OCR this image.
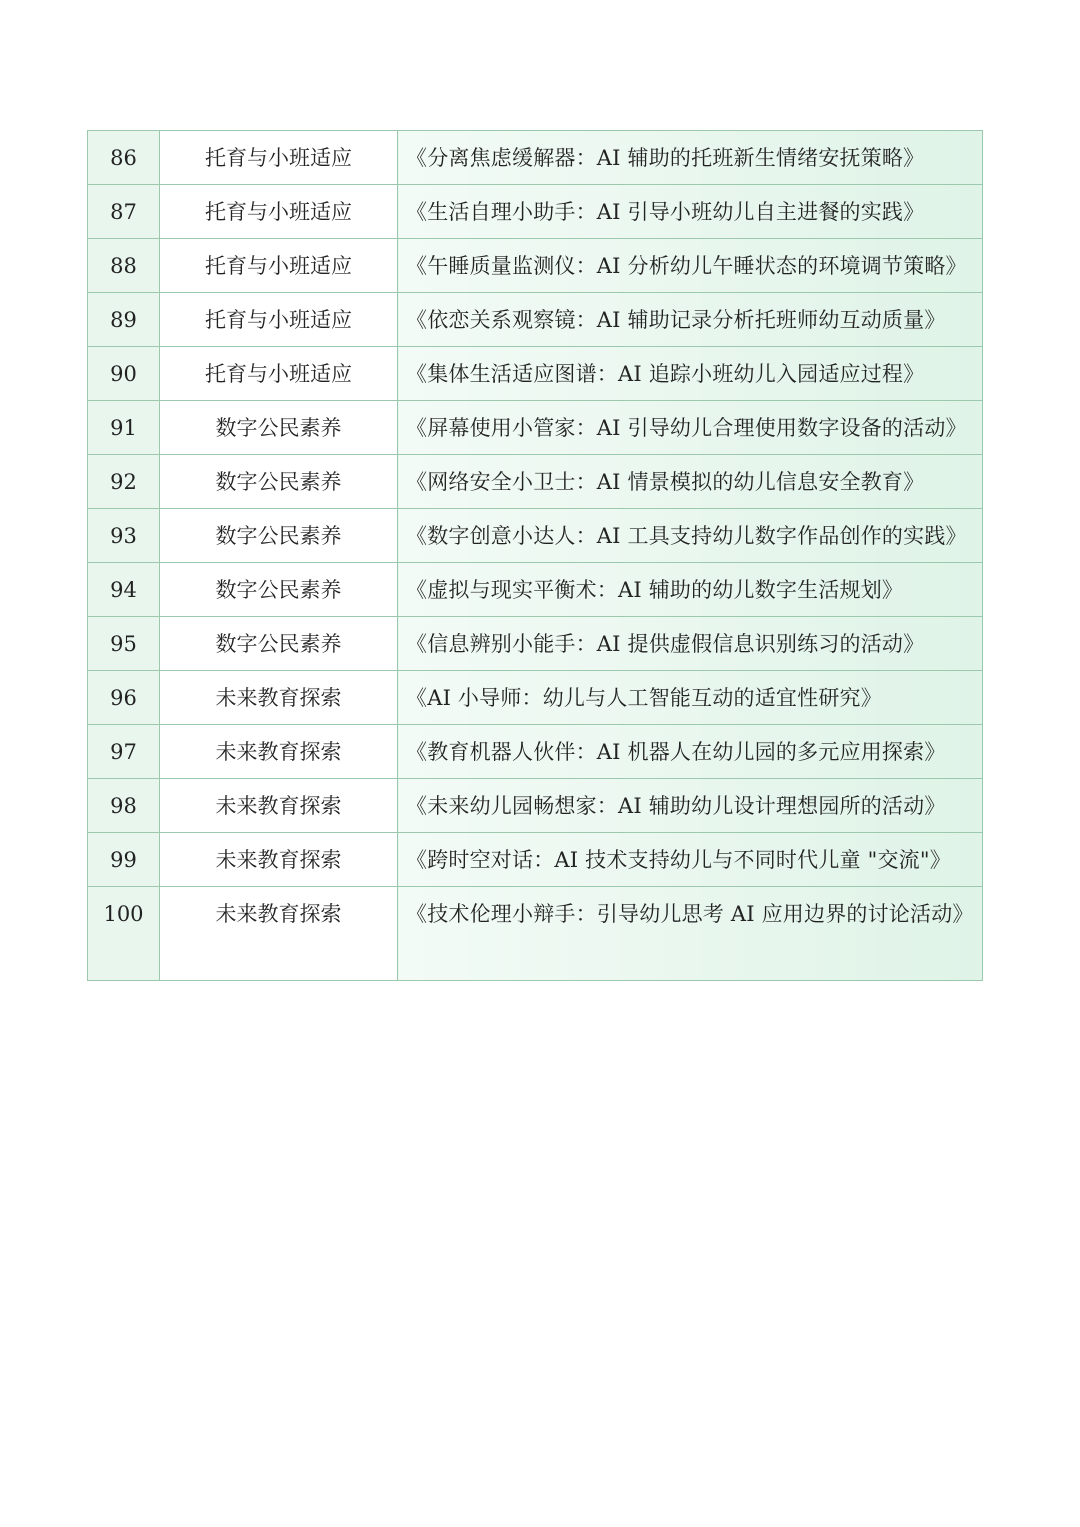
86	托育与小班适应	《分离焦虑缓解器：AI 辅助的托班新生情绪安抚策略》
87	托育与小班适应	《生活自理小助手：AI 引导小班幼儿自主进餐的实践》
88	托育与小班适应	《午睡质量监测仪：AI 分析幼儿午睡状态的环境调节策略》
89	托育与小班适应	《依恋关系观察镜：AI 辅助记录分析托班师幼互动质量》
90	托育与小班适应	《集体生活适应图谱：AI 追踪小班幼儿入园适应过程》
91	数字公民素养	《屏幕使用小管家：AI 引导幼儿合理使用数字设备的活动》
92	数字公民素养	《网络安全小卫士：AI 情景模拟的幼儿信息安全教育》
93	数字公民素养	《数字创意小达人：AI 工具支持幼儿数字作品创作的实践》
94	数字公民素养	《虚拟与现实平衡术：AI 辅助的幼儿数字生活规划》
95	数字公民素养	《信息辨别小能手：AI 提供虚假信息识别练习的活动》
96	未来教育探索	《AI 小导师：幼儿与人工智能互动的适宜性研究》
97	未来教育探索	《教育机器人伙伴：AI 机器人在幼儿园的多元应用探索》
98	未来教育探索	《未来幼儿园畅想家：AI 辅助幼儿设计理想园所的活动》
99	未来教育探索	《跨时空对话：AI 技术支持幼儿与不同时代儿童 "交流"》
100	未来教育探索	《技术伦理小辩手：引导幼儿思考 AI 应用边界的讨论活动》
